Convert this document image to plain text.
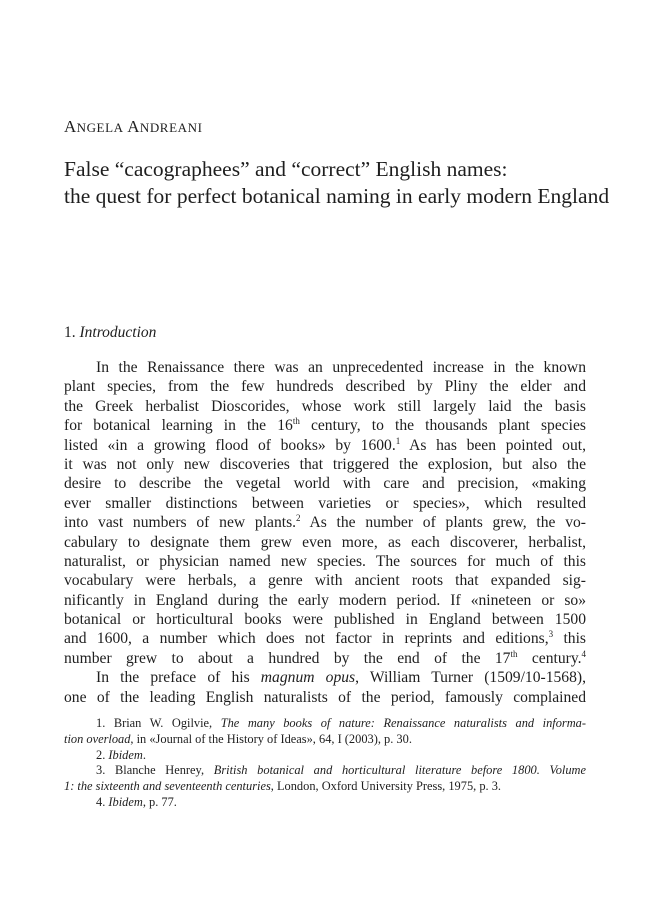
ANGELA ANDREANI
False “cacographees” and “correct” English names:
the quest for perfect botanical naming in early modern England
1. Introduction
In the Renaissance there was an unprecedented increase in the known
plant species, from the few hundreds described by Pliny the elder and
the Greek herbalist Dioscorides, whose work still largely laid the basis
for botanical learning in the 16th century, to the thousands plant species
listed «in a growing flood of books» by 1600.$^1$ As has been pointed out,
it was not only new discoveries that triggered the explosion, but also the
desire to describe the vegetal world with care and precision, «making
ever smaller distinctions between varieties or species», which resulted
into vast numbers of new plants.$^2$ As the number of plants grew, the vo-
cabulary to designate them grew even more, as each discoverer, herbalist,
naturalist, or physician named new species. The sources for much of this
vocabulary were herbals, a genre with ancient roots that expanded sig-
nificantly in England during the early modern period. If «nineteen or so»
botanical or horticultural books were published in England between 1500
and 1600, a number which does not factor in reprints and editions,$^3$ this
number grew to about a hundred by the end of the 17th century.$^4$
In the preface of his magnum opus, William Turner (1509/10-1568),
one of the leading English naturalists of the period, famously complained
1. Brian W. Ogilvie, The many books of nature: Renaissance naturalists and informa-
tion overload, in «Journal of the History of Ideas», 64, I (2003), p. 30.
2. Ibidem.
3. Blanche Henrey, British botanical and horticultural literature before 1800. Volume
1: the sixteenth and seventeenth centuries, London, Oxford University Press, 1975, p. 3.
4. Ibidem, p. 77.
